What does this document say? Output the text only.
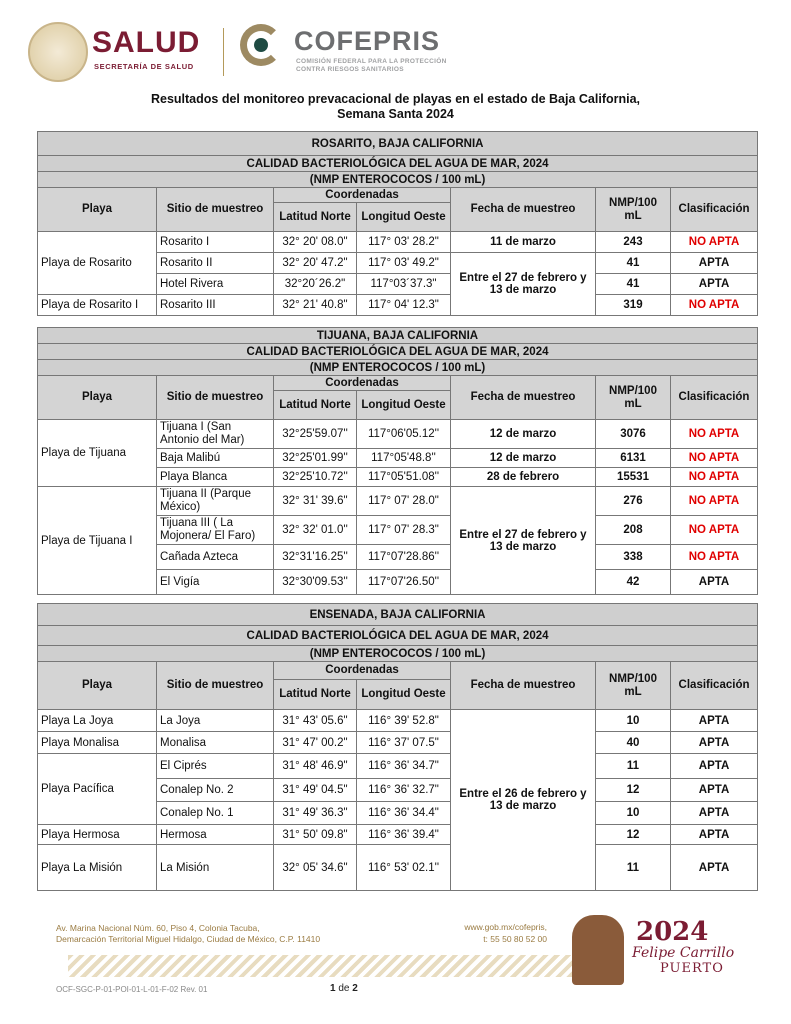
SALUD
SECRETARÍA DE SALUD
COFEPRIS
COMISIÓN FEDERAL PARA LA PROTECCIÓN
CONTRA RIESGOS SANITARIOS
Resultados del monitoreo prevacacional de playas en el estado de Baja California,
Semana Santa 2024
ROSARITO, BAJA CALIFORNIA						
CALIDAD BACTERIOLÓGICA DEL AGUA DE MAR, 2024						
(NMP ENTEROCOCOS / 100 mL)						
Playa	Sitio de muestreo	Coordenadas		Fecha de muestreo	NMP/100 mL	Clasificación
		Latitud Norte	Longitud Oeste			
Playa de Rosarito	Rosarito I	32° 20' 08.0"	117° 03' 28.2"	11 de marzo	243	NO APTA
	Rosarito II	32° 20' 47.2"	117° 03' 49.2"	Entre el 27 de febrero y 13 de marzo	41	APTA
	Hotel Rivera	32°20´26.2"	117°03´37.3"		41	APTA
Playa de Rosarito I	Rosarito III	32° 21' 40.8"	117° 04' 12.3"		319	NO APTA
TIJUANA, BAJA CALIFORNIA						
CALIDAD BACTERIOLÓGICA DEL AGUA DE MAR, 2024						
(NMP ENTEROCOCOS / 100 mL)						
Playa	Sitio de muestreo	Coordenadas		Fecha de muestreo	NMP/100 mL	Clasificación
		Latitud Norte	Longitud Oeste			
Playa de Tijuana	Tijuana I (San Antonio del Mar)	32°25'59.07''	117°06'05.12''	12 de marzo	3076	NO APTA
	Baja Malibú	32°25'01.99''	117°05'48.8''	12 de marzo	6131	NO APTA
	Playa Blanca	32°25'10.72''	117°05'51.08''	28 de febrero	15531	NO APTA
Playa de Tijuana I	Tijuana II (Parque México)	32° 31' 39.6"	117° 07' 28.0"	Entre el 27 de febrero y 13 de marzo	276	NO APTA
	Tijuana III ( La Mojonera/ El Faro)	32° 32' 01.0''	117° 07' 28.3"		208	NO APTA
	Cañada Azteca	32°31'16.25''	117°07'28.86''		338	NO APTA
	El Vigía	32°30'09.53''	117°07'26.50''		42	APTA
ENSENADA, BAJA CALIFORNIA						
CALIDAD BACTERIOLÓGICA DEL AGUA DE MAR, 2024						
(NMP ENTEROCOCOS / 100 mL)						
Playa	Sitio de muestreo	Coordenadas		Fecha de muestreo	NMP/100 mL	Clasificación
		Latitud Norte	Longitud Oeste			
Playa La Joya	La Joya	31° 43' 05.6"	116° 39' 52.8"	Entre el 26 de febrero y 13 de marzo	10	APTA
Playa Monalisa	Monalisa	31° 47' 00.2"	116° 37' 07.5"		40	APTA
Playa Pacífica	El Ciprés	31° 48' 46.9"	116° 36' 34.7"		11	APTA
	Conalep No. 2	31° 49' 04.5"	116° 36' 32.7"		12	APTA
	Conalep No. 1	31° 49' 36.3"	116° 36' 34.4"		10	APTA
Playa Hermosa	Hermosa	31° 50' 09.8"	116° 36' 39.4"		12	APTA
Playa La Misión	La Misión	32° 05' 34.6"	116° 53' 02.1''		11	APTA
Av. Marina Nacional Núm. 60, Piso 4, Colonia Tacuba,
Demarcación Territorial Miguel Hidalgo, Ciudad de México, C.P. 11410
www.gob.mx/cofepris,
t: 55 50 80 52 00	2024
Felipe Carrillo
PUERTO
OCF-SGC-P-01-POI-01-L-01-F-02 Rev. 01	1 de 2
